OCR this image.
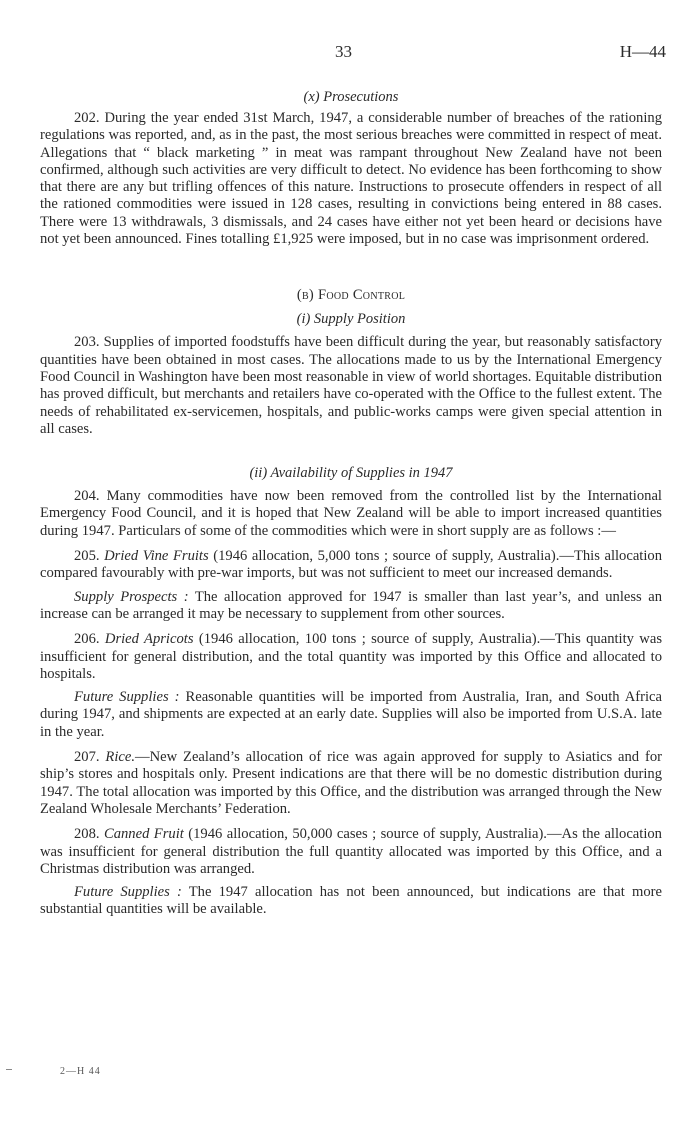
33	H—44
(x) Prosecutions

202. During the year ended 31st March, 1947, a considerable number of breaches of the rationing regulations was reported, and, as in the past, the most serious breaches were committed in respect of meat. Allegations that “ black marketing ” in meat was rampant throughout New Zealand have not been confirmed, although such activities are very difficult to detect. No evidence has been forthcoming to show that there are any but trifling offences of this nature. Instructions to prosecute offenders in respect of all the rationed commodities were issued in 128 cases, resulting in convictions being entered in 88 cases. There were 13 withdrawals, 3 dismissals, and 24 cases have either not yet been heard or decisions have not yet been announced. Fines totalling £1,925 were imposed, but in no case was imprisonment ordered.

(b) Food Control
(i) Supply Position

203. Supplies of imported foodstuffs have been difficult during the year, but reasonably satisfactory quantities have been obtained in most cases. The allocations made to us by the International Emergency Food Council in Washington have been most reasonable in view of world shortages. Equitable distribution has proved difficult, but merchants and retailers have co-operated with the Office to the fullest extent. The needs of rehabilitated ex-servicemen, hospitals, and public-works camps were given special attention in all cases.

(ii) Availability of Supplies in 1947

204. Many commodities have now been removed from the controlled list by the International Emergency Food Council, and it is hoped that New Zealand will be able to import increased quantities during 1947. Particulars of some of the commodities which were in short supply are as follows :—

205. Dried Vine Fruits (1946 allocation, 5,000 tons ; source of supply, Australia).—This allocation compared favourably with pre-war imports, but was not sufficient to meet our increased demands.

Supply Prospects : The allocation approved for 1947 is smaller than last year’s, and unless an increase can be arranged it may be necessary to supplement from other sources.

206. Dried Apricots (1946 allocation, 100 tons ; source of supply, Australia).—This quantity was insufficient for general distribution, and the total quantity was imported by this Office and allocated to hospitals.

Future Supplies : Reasonable quantities will be imported from Australia, Iran, and South Africa during 1947, and shipments are expected at an early date. Supplies will also be imported from U.S.A. late in the year.

207. Rice.—New Zealand’s allocation of rice was again approved for supply to Asiatics and for ship’s stores and hospitals only. Present indications are that there will be no domestic distribution during 1947. The total allocation was imported by this Office, and the distribution was arranged through the New Zealand Wholesale Merchants’ Federation.

208. Canned Fruit (1946 allocation, 50,000 cases ; source of supply, Australia).—As the allocation was insufficient for general distribution the full quantity allocated was imported by this Office, and a Christmas distribution was arranged.

Future Supplies : The 1947 allocation has not been announced, but indications are that more substantial quantities will be available.

2—H 44
